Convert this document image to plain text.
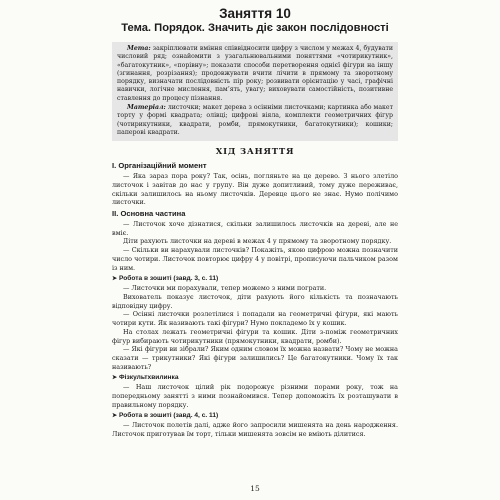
Заняття 10
Тема. Порядок. Значить діє закон послідовності

Мета: закріплювати вміння співвідносити цифру з числом у межах 4, будувати числовий ряд; ознайомити з узагальнювальними поняттями «чотирикутник», «багатокутник», «порівну»; показати способи перетворення однієї фігури на іншу (згинання, розрізання); продовжувати вчити лічити в прямому та зворотному порядку, визначати послідовність пір року; розвивати орієнтацію у часі, графічні навички, логічне мислення, пам’ять, увагу; виховувати самостійність, позитивне ставлення до процесу пізнання.

Матеріал: листочки; макет дерева з осінніми листочками; картинка або макет торту у формі квадрата; олівці; цифрові віяла, комплекти геометричних фігур (чотирикутники, квадрати, ромби, прямокутники, багатокутники); кошики; паперові квадрати.

ХІД ЗАНЯТТЯ
I. Організаційний момент

— Яка зараз пора року? Так, осінь, погляньте на це дерево. З нього злетіло листочок і завітав до нас у групу. Він дуже допитливий, тому дуже переживає, скільки залишилось на ньому листочків. Деревце цього не знає. Нумо полічимо листочки.

II. Основна частина

— Листочок хоче дізнатися, скільки залишилось листочків на дереві, але не вміє.

Діти рахують листочки на дереві в межах 4 у прямому та зворотному порядку.

— Скільки ви нарахували листочків? Покажіть, якою цифрою можна позначити число чотири. Листочок повторює цифру 4 у повітрі, прописуючи пальчиком разом із ним.

➤ Робота в зошиті (завд. 3, с. 11)

— Листочки ми порахували, тепер можемо з ними пограти.

Вихователь показує листочок, діти рахують його кількість та позначають відповідну цифру.

— Осінні листочки розлетілися і попадали на геометричні фігури, які мають чотири кути. Як називають такі фігури? Нумо покладемо їх у кошик.

На столах лежать геометричні фігури та кошик. Діти з-поміж геометричних фігур вибирають чотирикутники (прямокутники, квадрати, ромби).

— Які фігури ви зібрали? Яким одним словом їх можна назвати? Чому не можна сказати — трикутники? Які фігури залишились? Це багатокутники. Чому їх так називають?

➤ Фізкультхвилинка

— Наш листочок цілий рік подорожує різними порами року, тож на попередньому занятті з ними познайомився. Тепер допоможіть їх розташувати в правильному порядку.

➤ Робота в зошиті (завд. 4, с. 11)

— Листочок полетів далі, адже його запросили мишенята на день народження. Листочок приготував їм торт, тільки мишенята зовсім не вміють ділитися.

15
